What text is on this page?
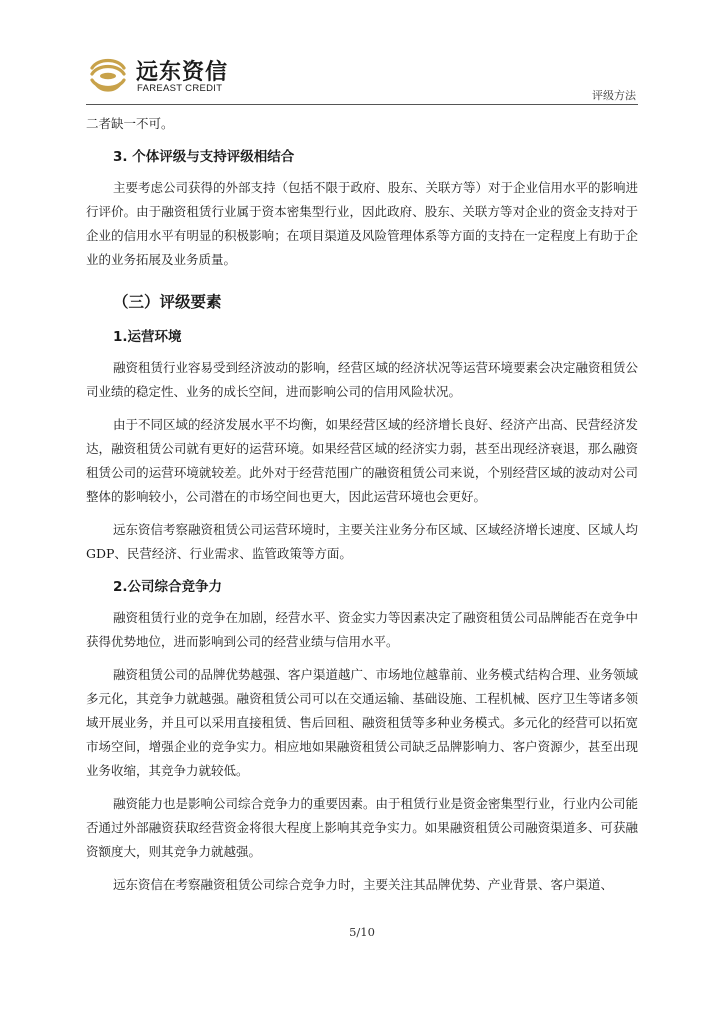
远东资信
FAREAST CREDIT
评级方法

二者缺一不可。

3. 个体评级与支持评级相结合

主要考虑公司获得的外部支持（包括不限于政府、股东、关联方等）对于企业信用水平的影响进行评价。由于融资租赁行业属于资本密集型行业，因此政府、股东、关联方等对企业的资金支持对于企业的信用水平有明显的积极影响；在项目渠道及风险管理体系等方面的支持在一定程度上有助于企业的业务拓展及业务质量。

（三）评级要素
1.运营环境

融资租赁行业容易受到经济波动的影响，经营区域的经济状况等运营环境要素会决定融资租赁公司业绩的稳定性、业务的成长空间，进而影响公司的信用风险状况。

由于不同区域的经济发展水平不均衡，如果经营区域的经济增长良好、经济产出高、民营经济发达，融资租赁公司就有更好的运营环境。如果经营区域的经济实力弱，甚至出现经济衰退，那么融资租赁公司的运营环境就较差。此外对于经营范围广的融资租赁公司来说，个别经营区域的波动对公司整体的影响较小，公司潜在的市场空间也更大，因此运营环境也会更好。

远东资信考察融资租赁公司运营环境时，主要关注业务分布区域、区域经济增长速度、区域人均 GDP、民营经济、行业需求、监管政策等方面。

2.公司综合竞争力

融资租赁行业的竞争在加剧，经营水平、资金实力等因素决定了融资租赁公司品牌能否在竞争中获得优势地位，进而影响到公司的经营业绩与信用水平。

融资租赁公司的品牌优势越强、客户渠道越广、市场地位越靠前、业务模式结构合理、业务领域多元化，其竞争力就越强。融资租赁公司可以在交通运输、基础设施、工程机械、医疗卫生等诸多领域开展业务，并且可以采用直接租赁、售后回租、融资租赁等多种业务模式。多元化的经营可以拓宽市场空间，增强企业的竞争实力。相应地如果融资租赁公司缺乏品牌影响力、客户资源少，甚至出现业务收缩，其竞争力就较低。

融资能力也是影响公司综合竞争力的重要因素。由于租赁行业是资金密集型行业，行业内公司能否通过外部融资获取经营资金将很大程度上影响其竞争实力。如果融资租赁公司融资渠道多、可获融资额度大，则其竞争力就越强。

远东资信在考察融资租赁公司综合竞争力时，主要关注其品牌优势、产业背景、客户渠道、

5/10
